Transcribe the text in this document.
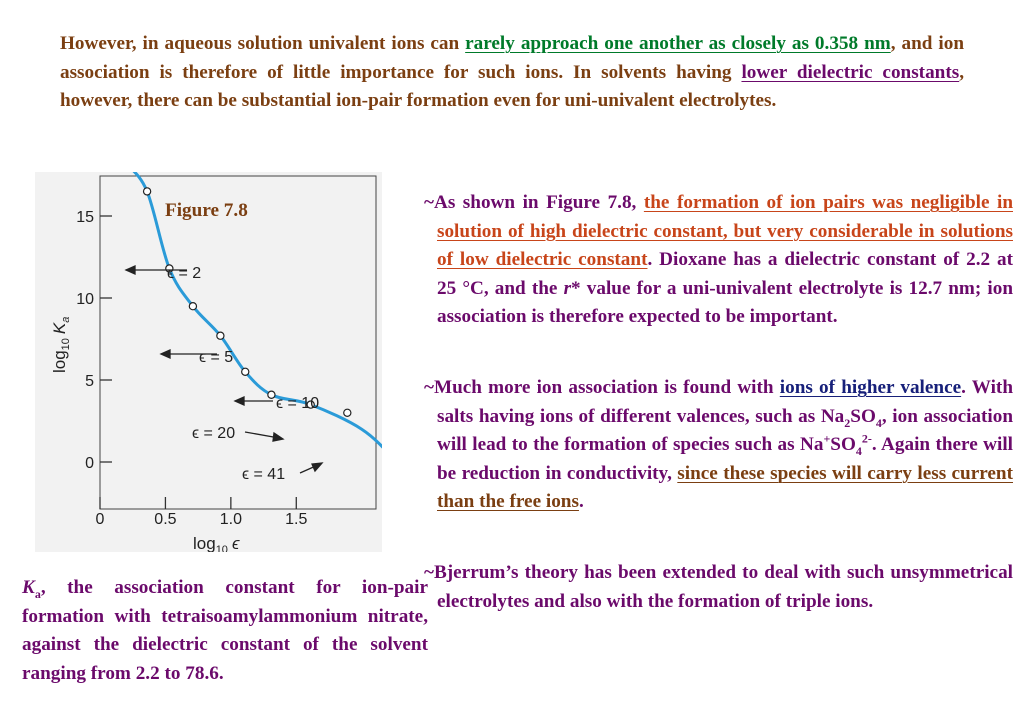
However, in aqueous solution univalent ions can rarely approach one another as closely as 0.358 nm, and ion association is therefore of little importance for such ions. In solvents having lower dielectric constants, however, there can be substantial ion-pair formation even for uni-univalent electrolytes.

15
10
5
0
0	0.5	1.0	1.5
ϵ = 2
ϵ = 5
ϵ = 10
ϵ = 20
ϵ = 41
$\log_{10}K_a$
$\log_{10} \epsilon$
Figure 7.8

$K_a$, the association constant for ion-pair formation with tetraisoamylammonium nitrate, against the dielectric constant of the solvent ranging from 2.2 to 78.6.

~As shown in Figure 7.8, the formation of ion pairs was negligible in solution of high dielectric constant, but very considerable in solutions of low dielectric constant. Dioxane has a dielectric constant of 2.2 at 25 °C, and the r* value for a uni-univalent electrolyte is 12.7 nm; ion association is therefore expected to be important.

~Much more ion association is found with ions of higher valence. With salts having ions of different valences, such as $Na_2SO_4$, ion association will lead to the formation of species such as $Na^+SO_4^{2-}$. Again there will be reduction in conductivity, since these species will carry less current than the free ions.

~Bjerrum’s theory has been extended to deal with such unsymmetrical electrolytes and also with the formation of triple ions.
